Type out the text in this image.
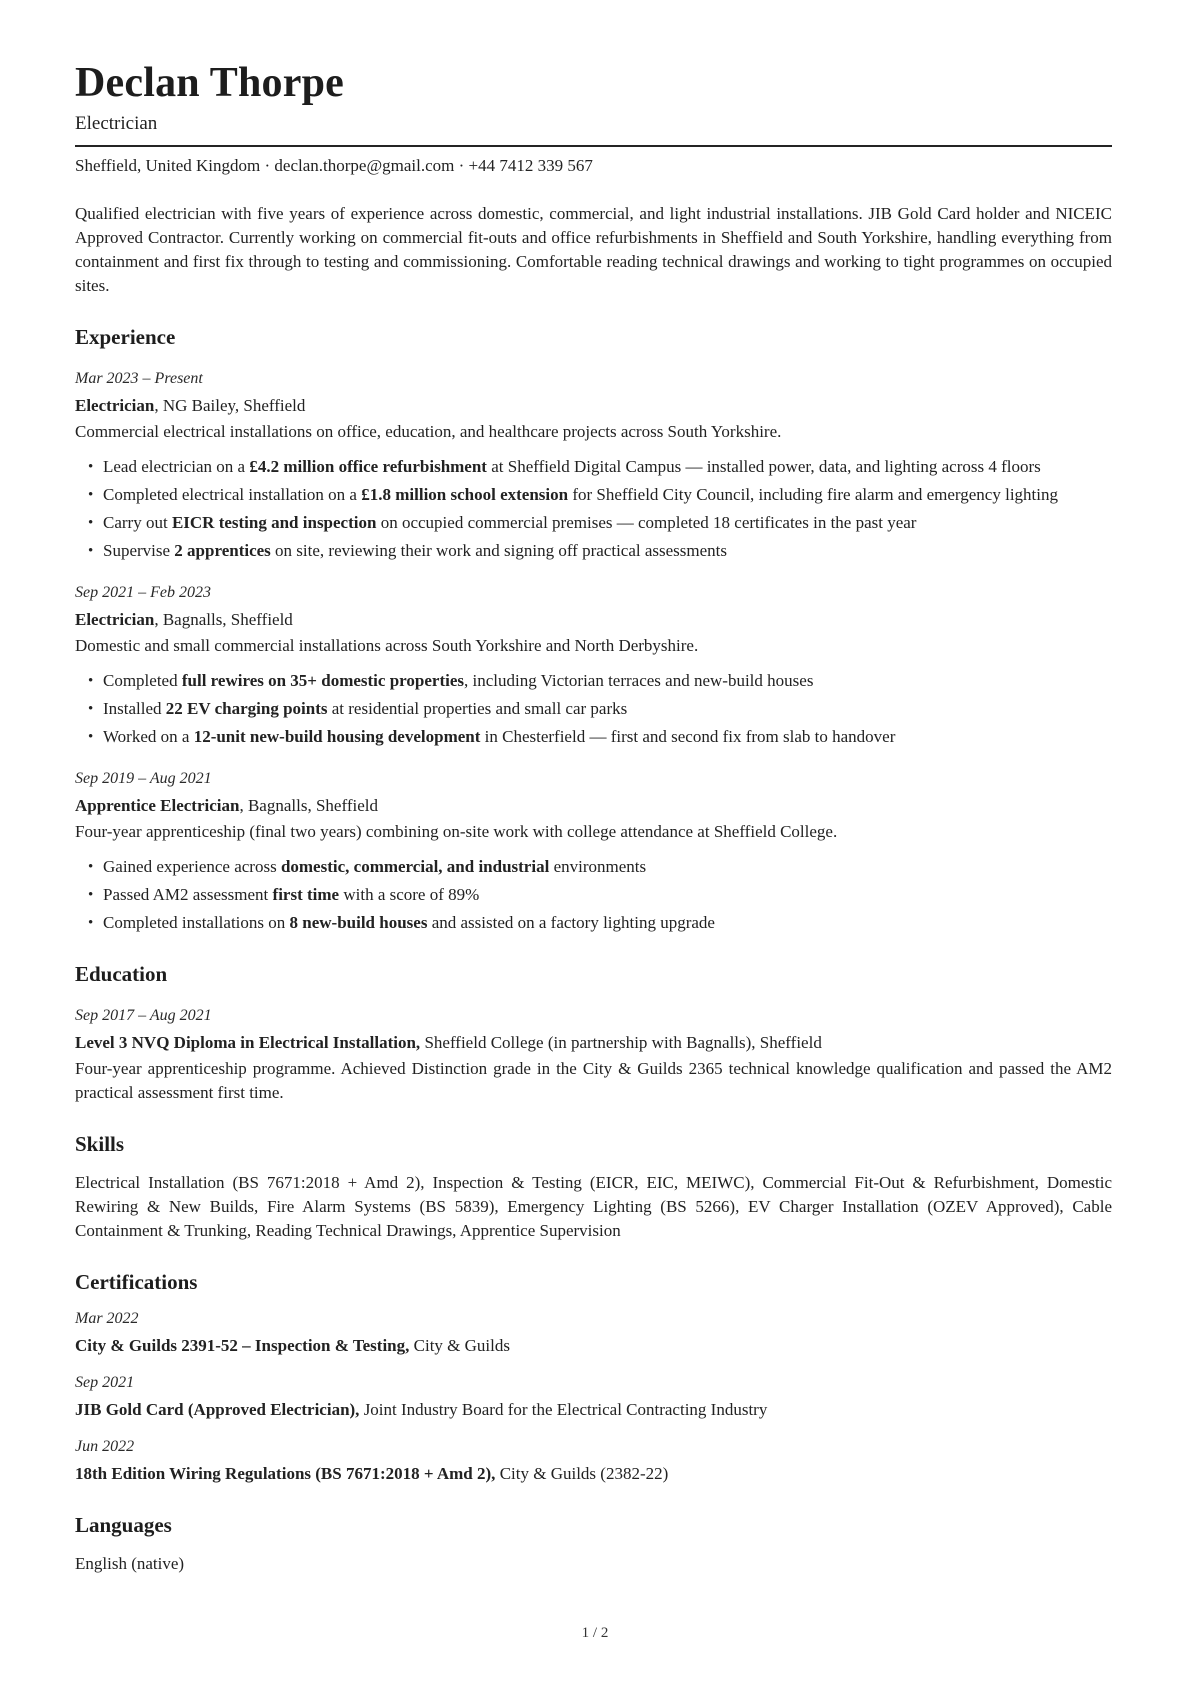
Declan Thorpe
Electrician
Sheffield, United Kingdom · declan.thorpe@gmail.com · +44 7412 339 567

Qualified electrician with five years of experience across domestic, commercial, and light industrial installations. JIB Gold Card holder and NICEIC Approved Contractor. Currently working on commercial fit-outs and office refurbishments in Sheffield and South Yorkshire, handling everything from containment and first fix through to testing and commissioning. Comfortable reading technical drawings and working to tight programmes on occupied sites.

Experience
Mar 2023 – Present
Electrician, NG Bailey, Sheffield

Commercial electrical installations on office, education, and healthcare projects across South Yorkshire.

• Lead electrician on a £4.2 million office refurbishment at Sheffield Digital Campus — installed power, data, and lighting across 4 floors
• Completed electrical installation on a £1.8 million school extension for Sheffield City Council, including fire alarm and emergency lighting
• Carry out EICR testing and inspection on occupied commercial premises — completed 18 certificates in the past year
• Supervise 2 apprentices on site, reviewing their work and signing off practical assessments
Sep 2021 – Feb 2023
Electrician, Bagnalls, Sheffield

Domestic and small commercial installations across South Yorkshire and North Derbyshire.

• Completed full rewires on 35+ domestic properties, including Victorian terraces and new-build houses
• Installed 22 EV charging points at residential properties and small car parks
• Worked on a 12-unit new-build housing development in Chesterfield — first and second fix from slab to handover
Sep 2019 – Aug 2021
Apprentice Electrician, Bagnalls, Sheffield

Four-year apprenticeship (final two years) combining on-site work with college attendance at Sheffield College.

• Gained experience across domestic, commercial, and industrial environments
• Passed AM2 assessment first time with a score of 89%
• Completed installations on 8 new-build houses and assisted on a factory lighting upgrade
Education
Sep 2017 – Aug 2021
Level 3 NVQ Diploma in Electrical Installation, Sheffield College (in partnership with Bagnalls), Sheffield

Four-year apprenticeship programme. Achieved Distinction grade in the City & Guilds 2365 technical knowledge qualification and passed the AM2 practical assessment first time.

Skills

Electrical Installation (BS 7671:2018 + Amd 2), Inspection & Testing (EICR, EIC, MEIWC), Commercial Fit-Out & Refurbishment, Domestic Rewiring & New Builds, Fire Alarm Systems (BS 5839), Emergency Lighting (BS 5266), EV Charger Installation (OZEV Approved), Cable Containment & Trunking, Reading Technical Drawings, Apprentice Supervision

Certifications
Mar 2022
City & Guilds 2391-52 – Inspection & Testing, City & Guilds
Sep 2021
JIB Gold Card (Approved Electrician), Joint Industry Board for the Electrical Contracting Industry
Jun 2022
18th Edition Wiring Regulations (BS 7671:2018 + Amd 2), City & Guilds (2382-22)
Languages

English (native)

1 / 2
